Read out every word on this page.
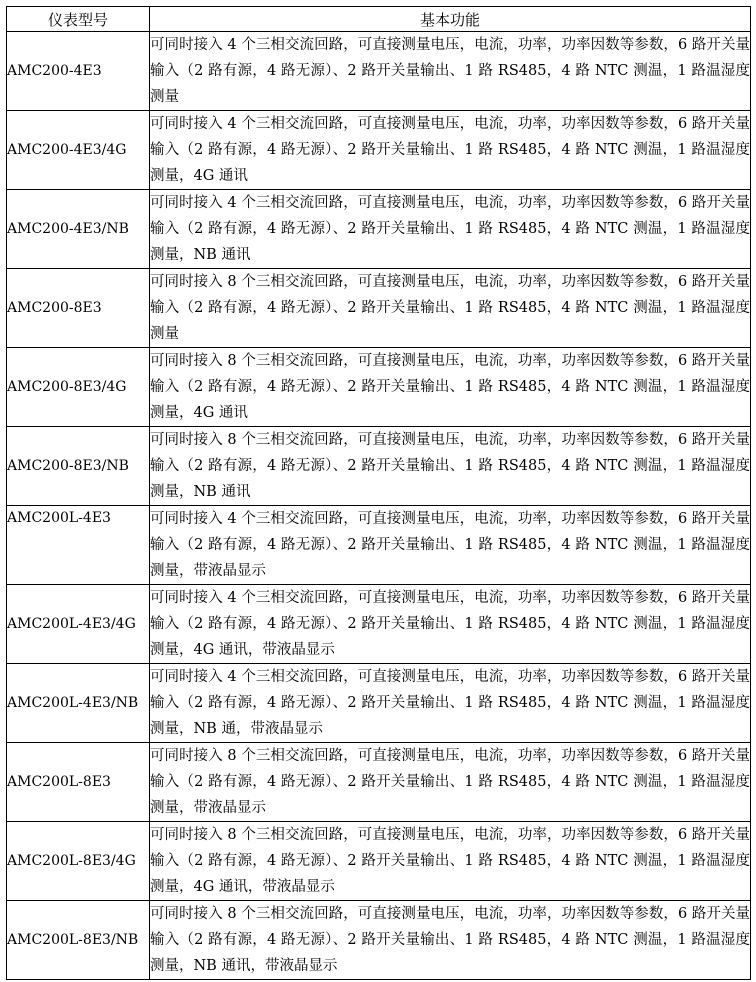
仪表型号	基本功能
AMC200-4E3	可同时接入 4 个三相交流回路，可直接测量电压，电流，功率，功率因数等参数，6 路开关量输入（2 路有源，4 路无源）、2 路开关量输出、1 路 RS485，4 路 NTC 测温，1 路温湿度测量
AMC200-4E3/4G	可同时接入 4 个三相交流回路，可直接测量电压，电流，功率，功率因数等参数，6 路开关量输入（2 路有源，4 路无源）、2 路开关量输出、1 路 RS485，4 路 NTC 测温，1 路温湿度测量，4G 通讯
AMC200-4E3/NB	可同时接入 4 个三相交流回路，可直接测量电压，电流，功率，功率因数等参数，6 路开关量输入（2 路有源，4 路无源）、2 路开关量输出、1 路 RS485，4 路 NTC 测温，1 路温湿度测量，NB 通讯
AMC200-8E3	可同时接入 8 个三相交流回路，可直接测量电压，电流，功率，功率因数等参数，6 路开关量输入（2 路有源，4 路无源）、2 路开关量输出、1 路 RS485，4 路 NTC 测温，1 路温湿度测量
AMC200-8E3/4G	可同时接入 8 个三相交流回路，可直接测量电压，电流，功率，功率因数等参数，6 路开关量输入（2 路有源，4 路无源）、2 路开关量输出、1 路 RS485，4 路 NTC 测温，1 路温湿度测量，4G 通讯
AMC200-8E3/NB	可同时接入 8 个三相交流回路，可直接测量电压，电流，功率，功率因数等参数，6 路开关量输入（2 路有源，4 路无源）、2 路开关量输出、1 路 RS485，4 路 NTC 测温，1 路温湿度测量，NB 通讯
AMC200L-4E3	可同时接入 4 个三相交流回路，可直接测量电压，电流，功率，功率因数等参数，6 路开关量输入（2 路有源，4 路无源）、2 路开关量输出、1 路 RS485，4 路 NTC 测温，1 路温湿度测量，带液晶显示
AMC200L-4E3/4G	可同时接入 4 个三相交流回路，可直接测量电压，电流，功率，功率因数等参数，6 路开关量输入（2 路有源，4 路无源）、2 路开关量输出、1 路 RS485，4 路 NTC 测温，1 路温湿度测量，4G 通讯，带液晶显示
AMC200L-4E3/NB	可同时接入 4 个三相交流回路，可直接测量电压，电流，功率，功率因数等参数，6 路开关量输入（2 路有源，4 路无源）、2 路开关量输出、1 路 RS485，4 路 NTC 测温，1 路温湿度测量，NB 通，带液晶显示
AMC200L-8E3	可同时接入 8 个三相交流回路，可直接测量电压，电流，功率，功率因数等参数，6 路开关量输入（2 路有源，4 路无源）、2 路开关量输出、1 路 RS485，4 路 NTC 测温，1 路温湿度测量，带液晶显示
AMC200L-8E3/4G	可同时接入 8 个三相交流回路，可直接测量电压，电流，功率，功率因数等参数，6 路开关量输入（2 路有源，4 路无源）、2 路开关量输出、1 路 RS485，4 路 NTC 测温，1 路温湿度测量，4G 通讯，带液晶显示
AMC200L-8E3/NB	可同时接入 8 个三相交流回路，可直接测量电压，电流，功率，功率因数等参数，6 路开关量输入（2 路有源，4 路无源）、2 路开关量输出、1 路 RS485，4 路 NTC 测温，1 路温湿度测量，NB 通讯，带液晶显示
